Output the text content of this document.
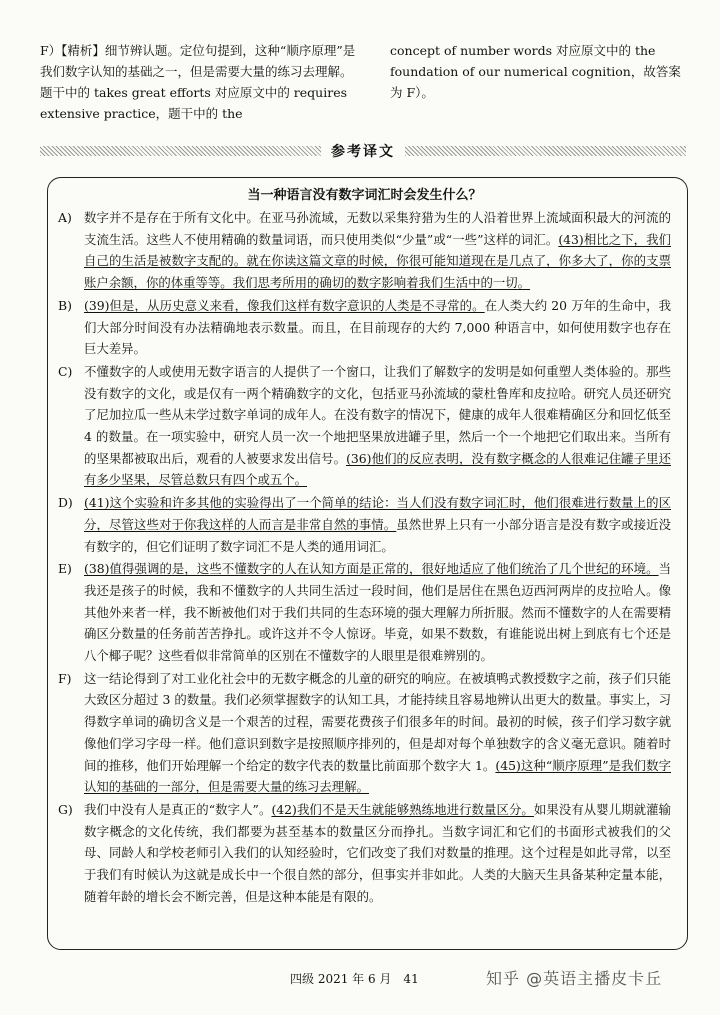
F）【精析】细节辨认题。定位句提到，这种“顺序原理”是我们数字认知的基础之一，但是需要大量的练习去理解。题干中的 takes great efforts 对应原文中的 requires extensive practice，题干中的 the
concept of number words 对应原文中的 the foundation of our numerical cognition，故答案为 F）。
参考译文
当一种语言没有数字词汇时会发生什么？
A) 数字并不是存在于所有文化中。在亚马孙流域，无数以采集狩猎为生的人沿着世界上流域面积最大的河流的支流生活。这些人不使用精确的数量词语，而只使用类似“少量”或“一些”这样的词汇。(43)相比之下，我们自己的生活是被数字支配的。就在你读这篇文章的时候，你很可能知道现在是几点了，你多大了，你的支票账户余额，你的体重等等。我们思考所用的确切的数字影响着我们生活中的一切。
B) (39)但是，从历史意义来看，像我们这样有数字意识的人类是不寻常的。在人类大约 20 万年的生命中，我们大部分时间没有办法精确地表示数量。而且，在目前现存的大约 7,000 种语言中，如何使用数字也存在巨大差异。
C) 不懂数字的人或使用无数字语言的人提供了一个窗口，让我们了解数字的发明是如何重塑人类体验的。那些没有数字的文化，或是仅有一两个精确数字的文化，包括亚马孙流域的蒙杜鲁库和皮拉哈。研究人员还研究了尼加拉瓜一些从未学过数字单词的成年人。在没有数字的情况下，健康的成年人很难精确区分和回忆低至 4 的数量。在一项实验中，研究人员一次一个地把坚果放进罐子里，然后一个一个地把它们取出来。当所有的坚果都被取出后，观看的人被要求发出信号。(36)他们的反应表明，没有数字概念的人很难记住罐子里还有多少坚果，尽管总数只有四个或五个。
D) (41)这个实验和许多其他的实验得出了一个简单的结论：当人们没有数字词汇时，他们很难进行数量上的区分，尽管这些对于你我这样的人而言是非常自然的事情。虽然世界上只有一小部分语言是没有数字或接近没有数字的，但它们证明了数字词汇不是人类的通用词汇。
E) (38)值得强调的是，这些不懂数字的人在认知方面是正常的，很好地适应了他们统治了几个世纪的环境。当我还是孩子的时候，我和不懂数字的人共同生活过一段时间，他们是居住在黑色迈西河两岸的皮拉哈人。像其他外来者一样，我不断被他们对于我们共同的生态环境的强大理解力所折服。然而不懂数字的人在需要精确区分数量的任务前苦苦挣扎。或许这并不令人惊讶。毕竟，如果不数数，有谁能说出树上到底有七个还是八个椰子呢？这些看似非常简单的区别在不懂数字的人眼里是很难辨别的。
F)	这一结论得到了对工业化社会中的无数字概念的儿童的研究的响应。在被填鸭式教授数字之前，孩子们只能大致区分超过 3 的数量。我们必须掌握数字的认知工具，才能持续且容易地辨认出更大的数量。事实上，习得数字单词的确切含义是一个艰苦的过程，需要花费孩子们很多年的时间。最初的时候，孩子们学习数字就像他们学习字母一样。他们意识到数字是按照顺序排列的，但是却对每个单独数字的含义毫无意识。随着时间的推移，他们开始理解一个给定的数字代表的数量比前面那个数字大 1。(45)这种“顺序原理”是我们数字认知的基础的一部分，但是需要大量的练习去理解。
G) 我们中没有人是真正的“数字人”。(42)我们不是天生就能够熟练地进行数量区分。如果没有从婴儿期就灌输数字概念的文化传统，我们都要为甚至基本的数量区分而挣扎。当数字词汇和它们的书面形式被我们的父母、同龄人和学校老师引入我们的认知经验时，它们改变了我们对数量的推理。这个过程是如此寻常，以至于我们有时候认为这就是成长中一个很自然的部分，但事实并非如此。人类的大脑天生具备某种定量本能，随着年龄的增长会不断完善，但是这种本能是有限的。
四级 2021 年 6 月　41	知乎 @英语主播皮卡丘
